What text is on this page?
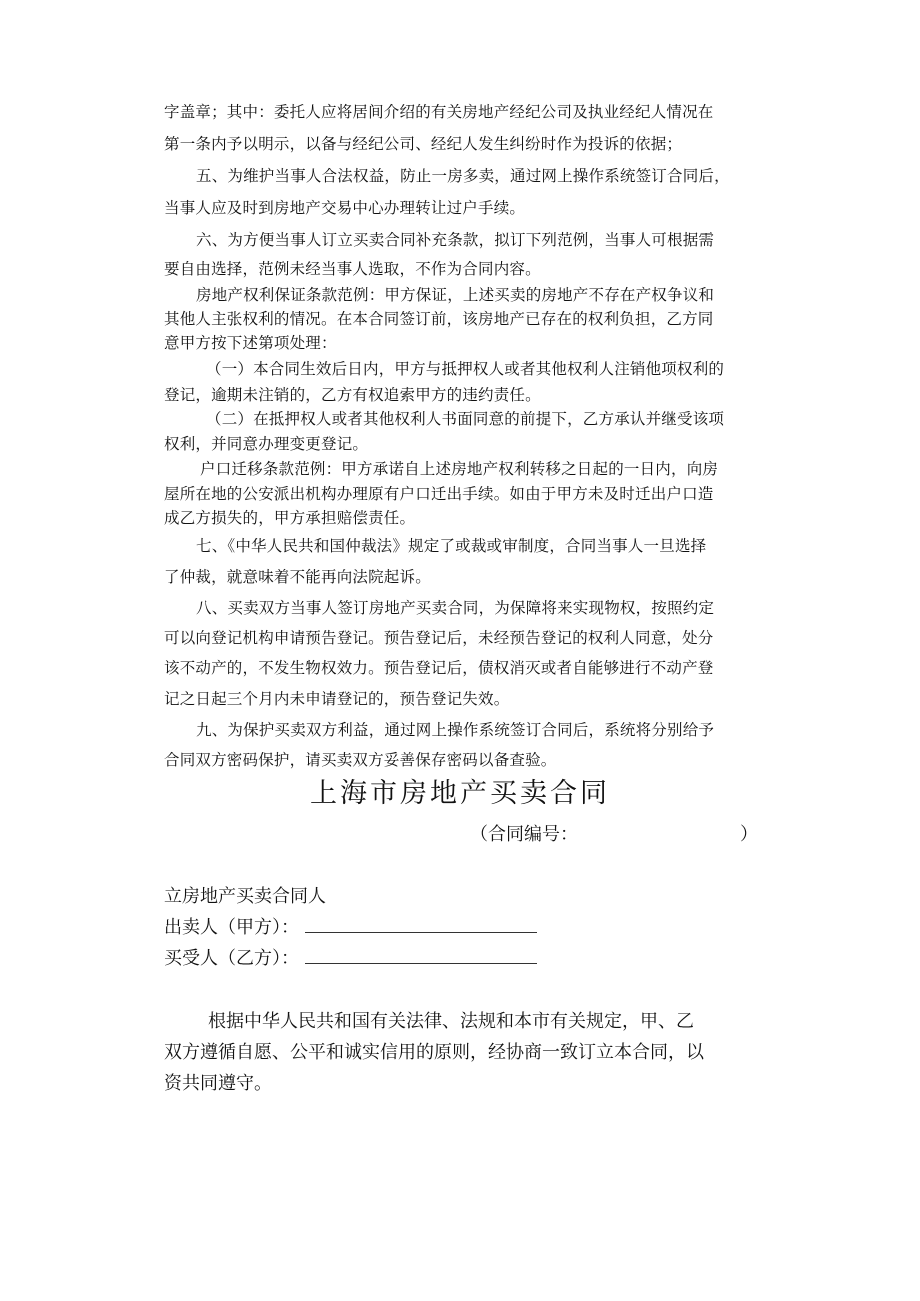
字盖章；其中：委托人应将居间介绍的有关房地产经纪公司及执业经纪人情况在
第一条内予以明示，以备与经纪公司、经纪人发生纠纷时作为投诉的依据；
五、为维护当事人合法权益，防止一房多卖，通过网上操作系统签订合同后，
当事人应及时到房地产交易中心办理转让过户手续。
六、为方便当事人订立买卖合同补充条款，拟订下列范例，当事人可根据需
要自由选择，范例未经当事人选取，不作为合同内容。
房地产权利保证条款范例：甲方保证，上述买卖的房地产不存在产权争议和
其他人主张权利的情况。在本合同签订前，该房地产已存在的权利负担，乙方同
意甲方按下述第项处理：
（一）本合同生效后日内，甲方与抵押权人或者其他权利人注销他项权利的
登记，逾期未注销的，乙方有权追索甲方的违约责任。
（二）在抵押权人或者其他权利人书面同意的前提下，乙方承认并继受该项
权利，并同意办理变更登记。
户口迁移条款范例：甲方承诺自上述房地产权利转移之日起的一日内，向房
屋所在地的公安派出机构办理原有户口迁出手续。如由于甲方未及时迁出户口造
成乙方损失的，甲方承担赔偿责任。
七、《中华人民共和国仲裁法》规定了或裁或审制度，合同当事人一旦选择
了仲裁，就意味着不能再向法院起诉。
八、买卖双方当事人签订房地产买卖合同，为保障将来实现物权，按照约定
可以向登记机构申请预告登记。预告登记后，未经预告登记的权利人同意，处分
该不动产的，不发生物权效力。预告登记后，债权消灭或者自能够进行不动产登
记之日起三个月内未申请登记的，预告登记失效。
九、为保护买卖双方利益，通过网上操作系统签订合同后，系统将分别给予
合同双方密码保护，请买卖双方妥善保存密码以备查验。
上海市房地产买卖合同
（合同编号：	）
立房地产买卖合同人
出卖人（甲方）：
买受人（乙方）：
根据中华人民共和国有关法律、法规和本市有关规定，甲、乙
双方遵循自愿、公平和诚实信用的原则，经协商一致订立本合同，以
资共同遵守。
